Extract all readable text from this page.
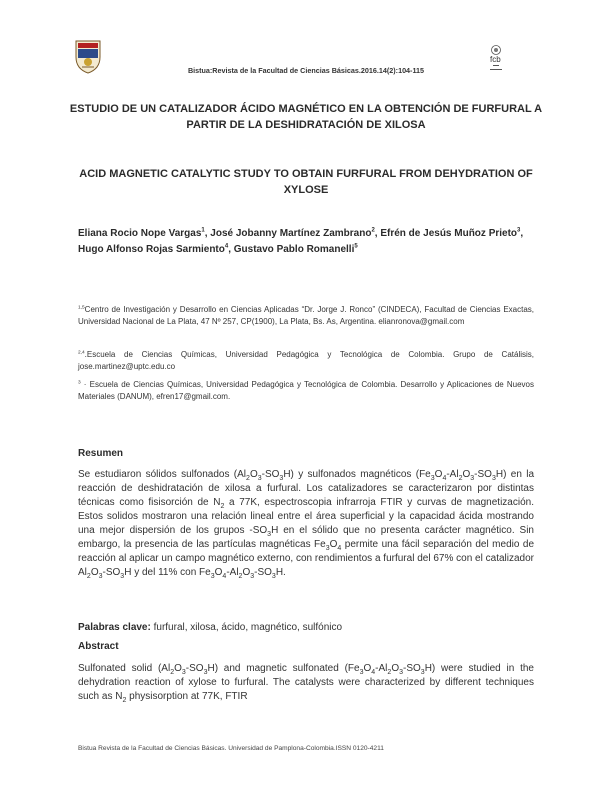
fcb
Bistua:Revista de la Facultad de Ciencias Básicas.2016.14(2):104-115
ESTUDIO DE UN CATALIZADOR ÁCIDO MAGNÉTICO EN LA OBTENCIÓN DE FURFURAL A PARTIR DE LA DESHIDRATACIÓN DE XILOSA
ACID MAGNETIC CATALYTIC STUDY TO OBTAIN FURFURAL FROM DEHYDRATION OF XYLOSE
Eliana Rocio Nope Vargas$^1$, José Jobanny Martínez Zambrano$^2$, Efrén de Jesús Muñoz Prieto$^3$, Hugo Alfonso Rojas Sarmiento$^4$, Gustavo Pablo Romanelli$^5$
$^{1,5}$Centro de Investigación y Desarrollo en Ciencias Aplicadas “Dr. Jorge J. Ronco” (CINDECA), Facultad de Ciencias Exactas, Universidad Nacional de La Plata, 47 Nº 257, CP(1900), La Plata, Bs. As, Argentina. elianronova@gmail.com
$^{2,4}$.Escuela de Ciencias Químicas, Universidad Pedagógica y Tecnológica de Colombia. Grupo de Catálisis, jose.martinez@uptc.edu.co
$^3$ · Escuela de Ciencias Químicas, Universidad Pedagógica y Tecnológica de Colombia. Desarrollo y Aplicaciones de Nuevos Materiales (DANUM), efren17@gmail.com.
Resumen
Se estudiaron sólidos sulfonados $(Al_2O_3-SO_3H)$ y sulfonados magnéticos $(Fe_3O_4-Al_2O_3-SO_3H)$ en la reacción de deshidratación de xilosa a furfural. Los catalizadores se caracterizaron por distintas técnicas como fisisorción de $N_2$ a 77K, espectroscopia infrarroja FTIR y curvas de magnetización. Estos solidos mostraron una relación lineal entre el área superficial y la capacidad ácida mostrando una mejor dispersión de los grupos $-SO_3H$ en el sólido que no presenta carácter magnético. Sin embargo, la presencia de las partículas magnéticas $Fe_3O_4$ permite una fácil separación del medio de reacción al aplicar un campo magnético externo, con rendimientos a furfural del 67% con el catalizador $Al_2O_3-SO_3H$ y del 11% con $Fe_3O_4-Al_2O_3-SO_3H$.
Palabras clave: furfural, xilosa, ácido, magnético, sulfónico
Abstract
Sulfonated solid $(Al_2O_3-SO_3H)$ and magnetic sulfonated $(Fe_3O_4-Al_2O_3-SO_3H)$ were studied in the dehydration reaction of xylose to furfural. The catalysts were characterized by different techniques such as $N_2$ physisorption at 77K, FTIR
Bistua Revista de la Facultad de Ciencias Básicas. Universidad de Pamplona-Colombia.ISSN 0120-4211
